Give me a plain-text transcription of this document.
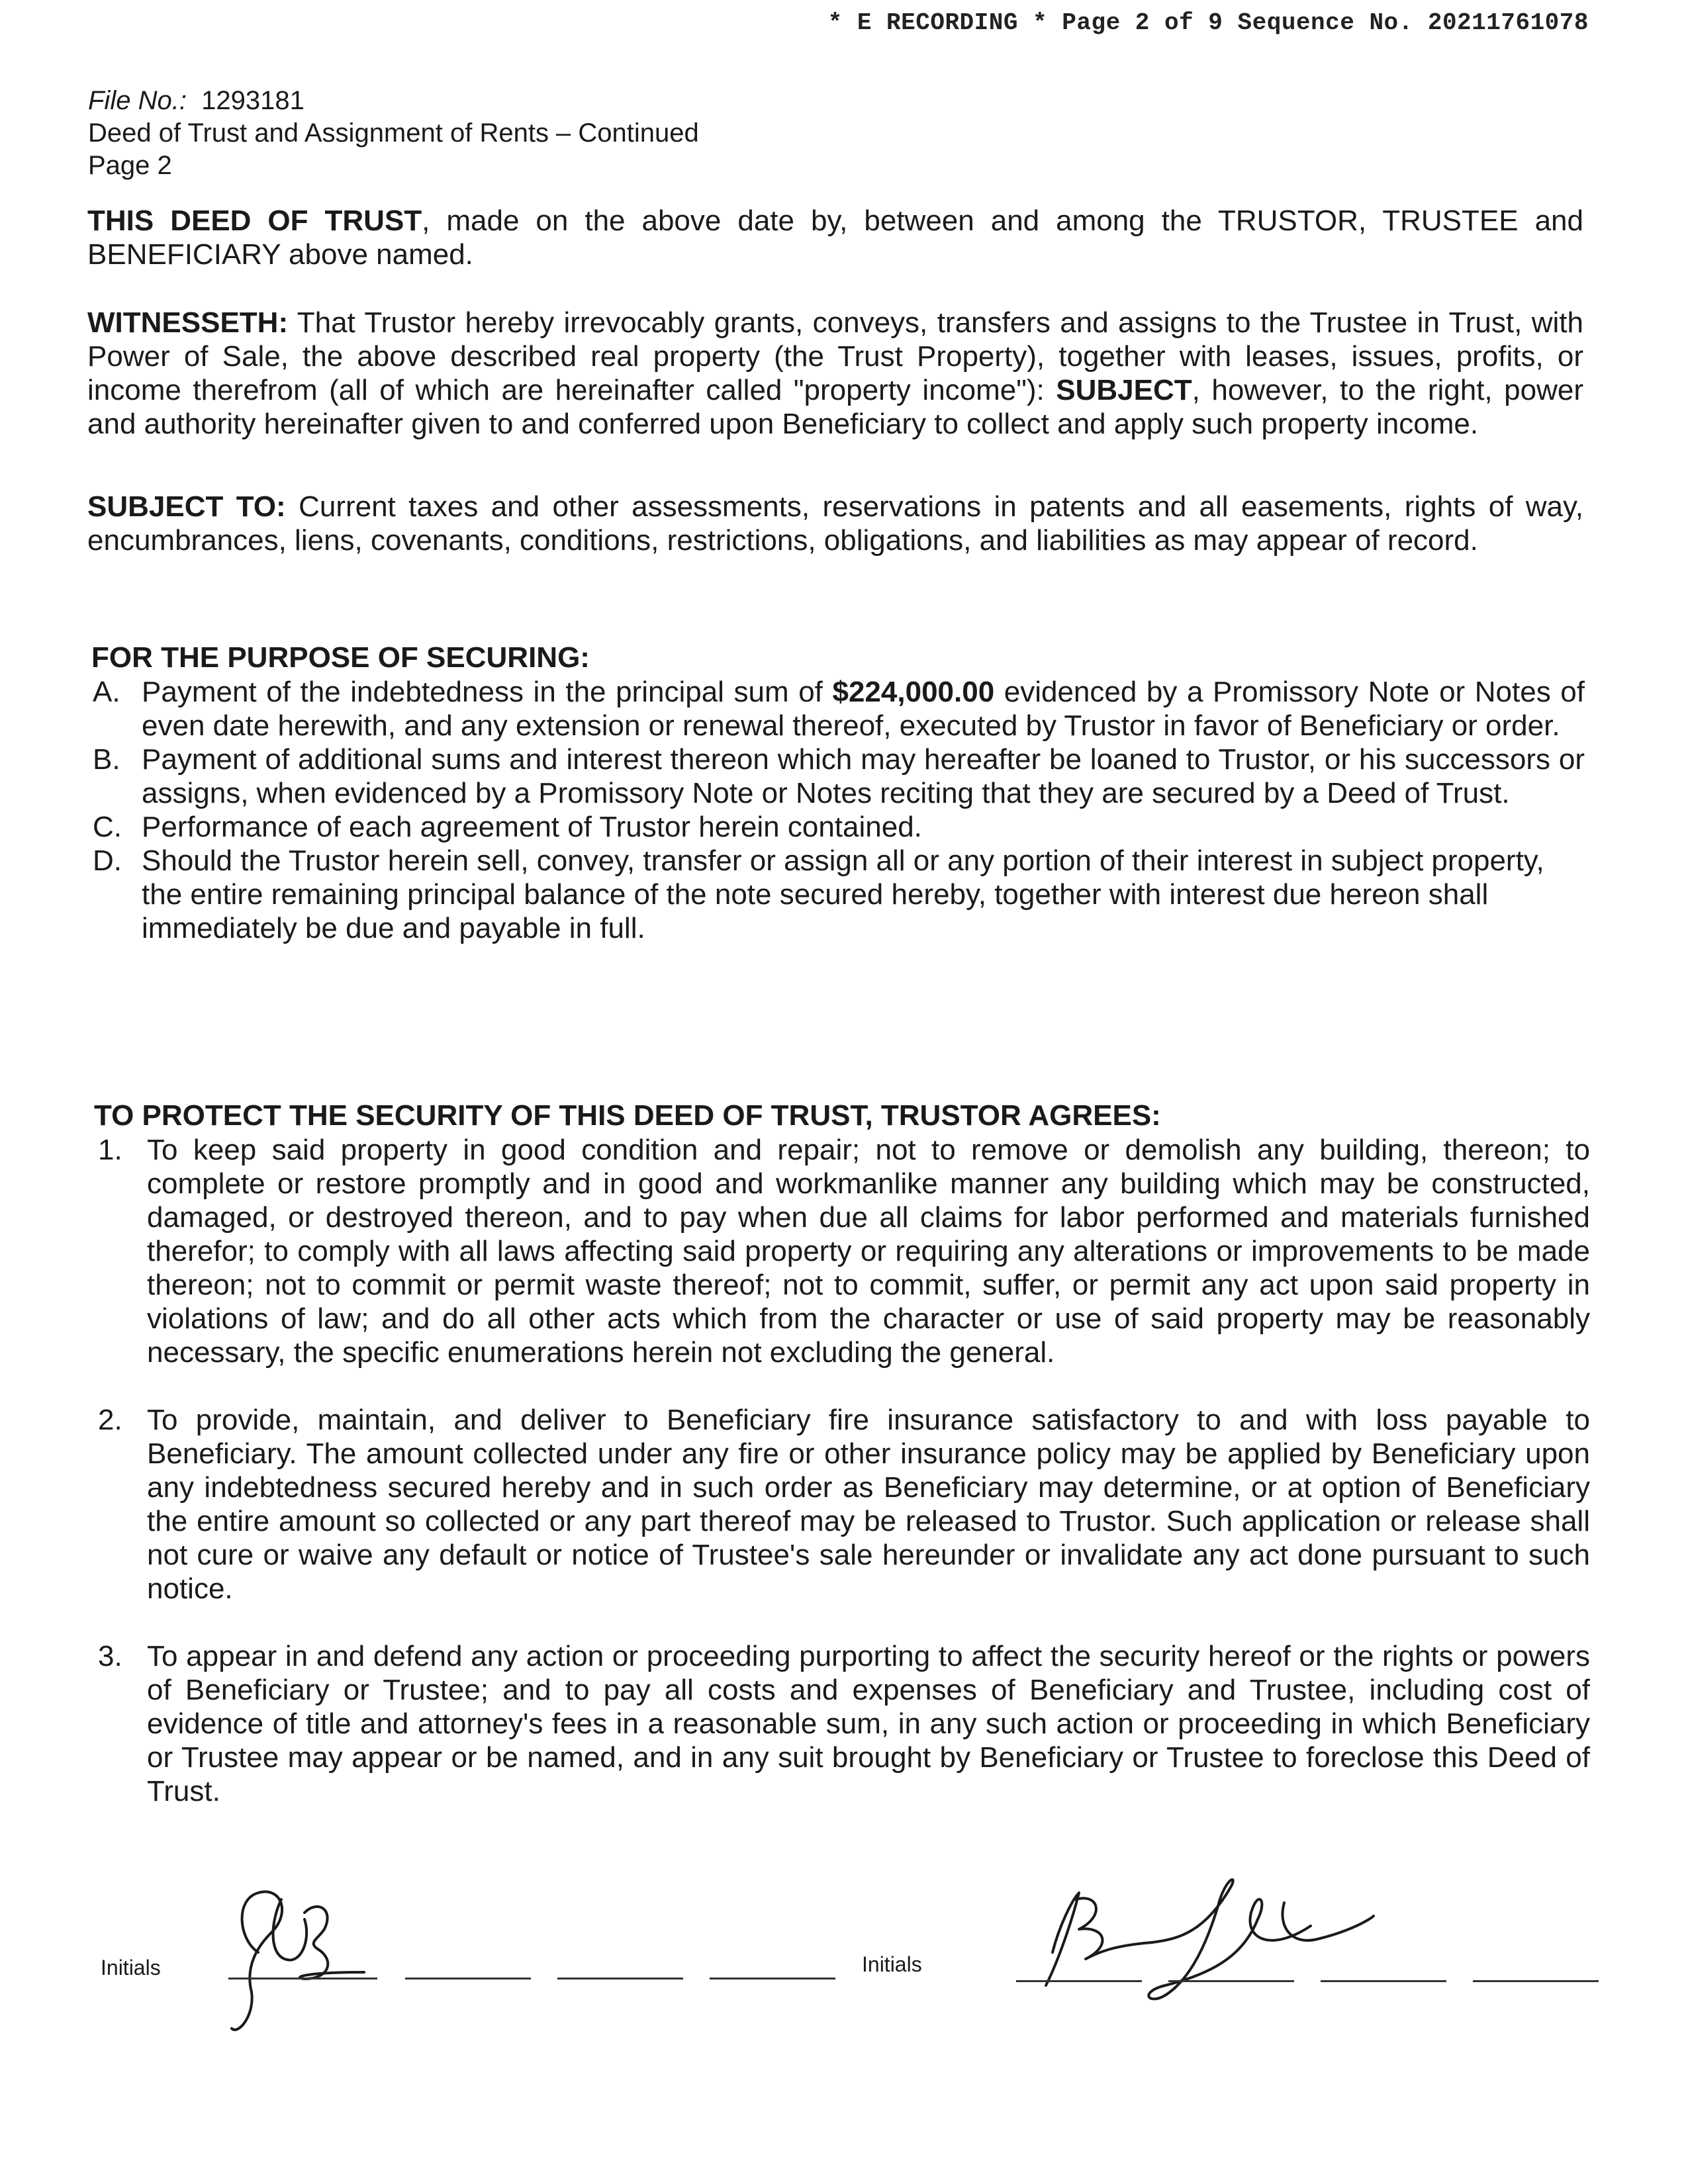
* E RECORDING * Page 2 of 9 Sequence No. 20211761078
File No.: 1293181
Deed of Trust and Assignment of Rents – Continued
Page 2

THIS DEED OF TRUST, made on the above date by, between and among the TRUSTOR, TRUSTEE and BENEFICIARY above named.

WITNESSETH: That Trustor hereby irrevocably grants, conveys, transfers and assigns to the Trustee in Trust, with Power of Sale, the above described real property (the Trust Property), together with leases, issues, profits, or income therefrom (all of which are hereinafter called "property income"): SUBJECT, however, to the right, power and authority hereinafter given to and conferred upon Beneficiary to collect and apply such property income.

SUBJECT TO: Current taxes and other assessments, reservations in patents and all easements, rights of way, encumbrances, liens, covenants, conditions, restrictions, obligations, and liabilities as may appear of record.

FOR THE PURPOSE OF SECURING:
A. Payment of the indebtedness in the principal sum of $224,000.00 evidenced by a Promissory Note or Notes of even date herewith, and any extension or renewal thereof, executed by Trustor in favor of Beneficiary or order.
B. Payment of additional sums and interest thereon which may hereafter be loaned to Trustor, or his successors or assigns, when evidenced by a Promissory Note or Notes reciting that they are secured by a Deed of Trust.
C. Performance of each agreement of Trustor herein contained.
D. Should the Trustor herein sell, convey, transfer or assign all or any portion of their interest in subject property, the entire remaining principal balance of the note secured hereby, together with interest due hereon shall immediately be due and payable in full.
TO PROTECT THE SECURITY OF THIS DEED OF TRUST, TRUSTOR AGREES:
1. To keep said property in good condition and repair; not to remove or demolish any building, thereon; to complete or restore promptly and in good and workmanlike manner any building which may be constructed, damaged, or destroyed thereon, and to pay when due all claims for labor performed and materials furnished therefor; to comply with all laws affecting said property or requiring any alterations or improvements to be made thereon; not to commit or permit waste thereof; not to commit, suffer, or permit any act upon said property in violations of law; and do all other acts which from the character or use of said property may be reasonably necessary, the specific enumerations herein not excluding the general.
2. To provide, maintain, and deliver to Beneficiary fire insurance satisfactory to and with loss payable to Beneficiary. The amount collected under any fire or other insurance policy may be applied by Beneficiary upon any indebtedness secured hereby and in such order as Beneficiary may determine, or at option of Beneficiary the entire amount so collected or any part thereof may be released to Trustor. Such application or release shall not cure or waive any default or notice of Trustee's sale hereunder or invalidate any act done pursuant to such notice.
3. To appear in and defend any action or proceeding purporting to affect the security hereof or the rights or powers of Beneficiary or Trustee; and to pay all costs and expenses of Beneficiary and Trustee, including cost of evidence of title and attorney's fees in a reasonable sum, in any such action or proceeding in which Beneficiary or Trustee may appear or be named, and in any suit brought by Beneficiary or Trustee to foreclose this Deed of Trust.
Initials	Initials
